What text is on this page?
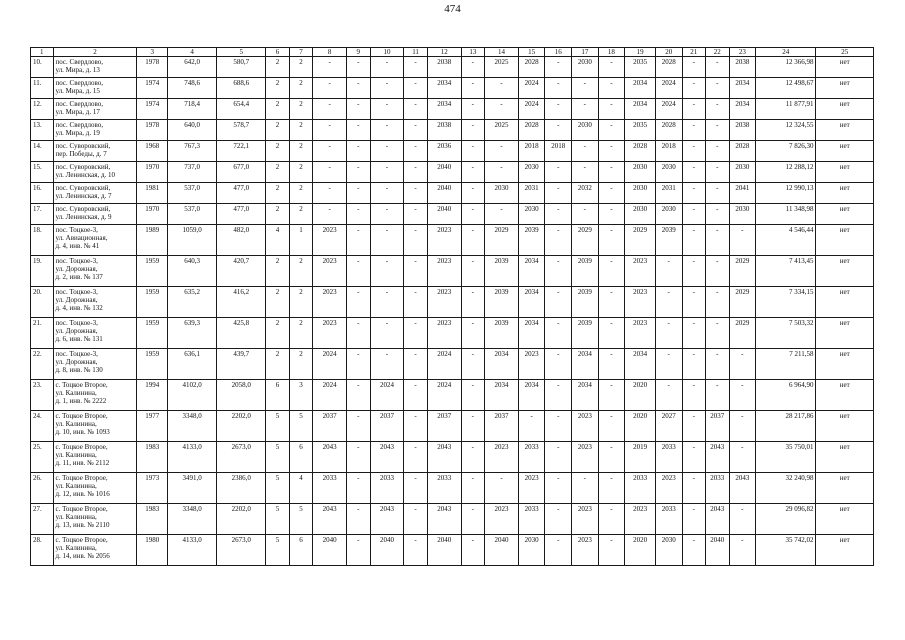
474
1	2	3	4	5	6	7	8	9	10	11	12	13	14	15	16	17	18	19	20	21	22	23	24	25
10.	пос. Свердлово,
ул. Мира, д. 13	1978	642,0	580,7	2	2	-	-	-	-	2038	-	2025	2028	-	2030	-	2035	2028	-	-	2038	12 366,98	нет
11.	пос. Свердлово,
ул. Мира, д. 15	1974	748,6	688,6	2	2	-	-	-	-	2034	-	-	2024	-	-	-	2034	2024	-	-	2034	12 498,67	нет
12.	пос. Свердлово,
ул. Мира, д. 17	1974	718,4	654,4	2	2	-	-	-	-	2034	-	-	2024	-	-	-	2034	2024	-	-	2034	11 877,91	нет
13.	пос. Свердлово,
ул. Мира, д. 19	1978	640,0	578,7	2	2	-	-	-	-	2038	-	2025	2028	-	2030	-	2035	2028	-	-	2038	12 324,55	нет
14.	пос. Суворовский,
пер. Победы, д. 7	1968	767,3	722,1	2	2	-	-	-	-	2036	-	-	2018	2018	-	-	2028	2018	-	-	2028	7 826,30	нет
15.	пос. Суворовский,
ул. Ленинская, д. 10	1970	737,0	677,0	2	2	-	-	-	-	2040	-	-	2030	-	-	-	2030	2030	-	-	2030	12 288,12	нет
16.	пос. Суворовский,
ул. Ленинская, д. 7	1981	537,0	477,0	2	2	-	-	-	-	2040	-	2030	2031	-	2032	-	2030	2031	-	-	2041	12 990,13	нет
17.	пос. Суворовский,
ул. Ленинская, д. 9	1970	537,0	477,0	2	2	-	-	-	-	2040	-	-	2030	-	-	-	2030	2030	-	-	2030	11 348,98	нет
18.	пос. Тоцкое-3,
ул. Авиационная,
д. 4, инв. № 41	1989	1059,0	482,0	4	1	2023	-	-	-	2023	-	2029	2039	-	2029	-	2029	2039	-	-	-	4 546,44	нет
19.	пос. Тоцкое-3,
ул. Дорожная,
д. 2, инв. № 137	1959	640,3	420,7	2	2	2023	-	-	-	2023	-	2039	2034	-	2039	-	2023	-	-	-	2029	7 413,45	нет
20.	пос. Тоцкое-3,
ул. Дорожная,
д. 4, инв. № 132	1959	635,2	416,2	2	2	2023	-	-	-	2023	-	2039	2034	-	2039	-	2023	-	-	-	2029	7 334,15	нет
21.	пос. Тоцкое-3,
ул. Дорожная,
д. 6, инв. № 131	1959	639,3	425,8	2	2	2023	-	-	-	2023	-	2039	2034	-	2039	-	2023	-	-	-	2029	7 503,32	нет
22.	пос. Тоцкое-3,
ул. Дорожная,
д. 8, инв. № 130	1959	636,1	439,7	2	2	2024	-	-	-	2024	-	2034	2023	-	2034	-	2034	-	-	-	-	7 211,58	нет
23.	с. Тоцкое Второе,
ул. Калинина,
д. 1, инв. № 2222	1994	4102,0	2058,0	6	3	2024	-	2024	-	2024	-	2034	2034	-	2034	-	2020	-	-	-	-	6 964,90	нет
24.	с. Тоцкое Второе,
ул. Калинина,
д. 10, инв. № 1093	1977	3348,0	2202,0	5	5	2037	-	2037	-	2037	-	2037	-	-	2023	-	2020	2027	-	2037	-	28 217,86	нет
25.	с. Тоцкое Второе,
ул. Калинина,
д. 11, инв. № 2112	1983	4133,0	2673,0	5	6	2043	-	2043	-	2043	-	2023	2033	-	2023	-	2019	2033	-	2043	-	35 750,01	нет
26.	с. Тоцкое Второе,
ул. Калинина,
д. 12, инв. № 1016	1973	3491,0	2386,0	5	4	2033	-	2033	-	2033	-	-	2023	-	-	-	2033	2023	-	2033	2043	32 240,98	нет
27.	с. Тоцкое Второе,
ул. Калинина,
д. 13, инв. № 2110	1983	3348,0	2202,0	5	5	2043	-	2043	-	2043	-	2023	2033	-	2023	-	2023	2033	-	2043	-	29 096,82	нет
28.	с. Тоцкое Второе,
ул. Калинина,
д. 14, инв. № 2056	1980	4133,0	2673,0	5	6	2040	-	2040	-	2040	-	2040	2030	-	2023	-	2020	2030	-	2040	-	35 742,02	нет
